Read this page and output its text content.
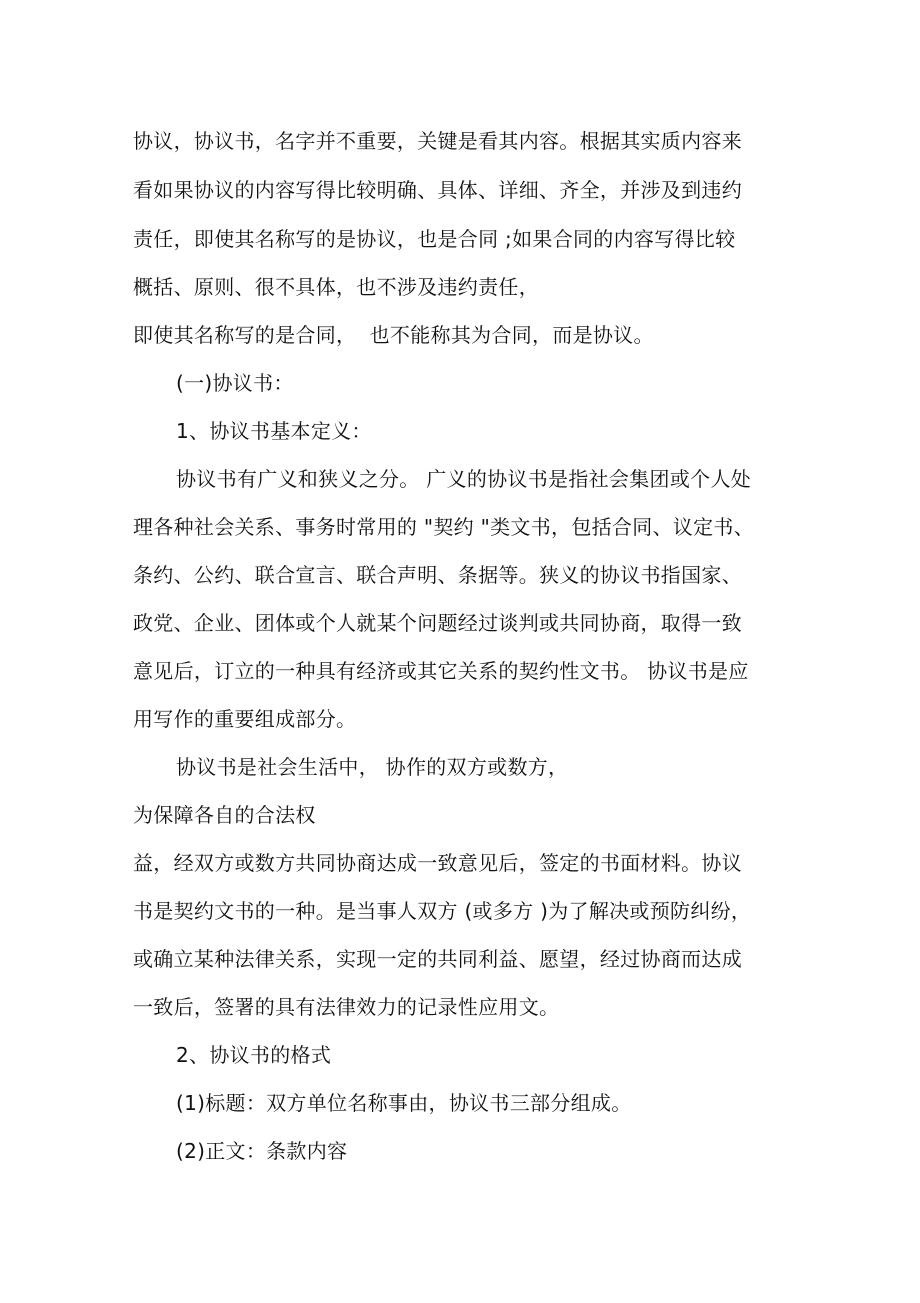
协议，协议书，名字并不重要，关键是看其内容。根据其实质内容来
看如果协议的内容写得比较明确、具体、详细、齐全，并涉及到违约
责任，即使其名称写的是协议，也是合同 ;如果合同的内容写得比较
概括、原则、很不具体，也不涉及违约责任，
即使其名称写的是合同，  也不能称其为合同，而是协议。
(一)协议书：
1、协议书基本定义：
协议书有广义和狭义之分。 广义的协议书是指社会集团或个人处
理各种社会关系、事务时常用的 "契约 "类文书，包括合同、议定书、
条约、公约、联合宣言、联合声明、条据等。狭义的协议书指国家、
政党、企业、团体或个人就某个问题经过谈判或共同协商，取得一致
意见后，订立的一种具有经济或其它关系的契约性文书。 协议书是应
用写作的重要组成部分。
协议书是社会生活中， 协作的双方或数方，
为保障各自的合法权
益，经双方或数方共同协商达成一致意见后，签定的书面材料。协议
书是契约文书的一种。是当事人双方 (或多方 )为了解决或预防纠纷，
或确立某种法律关系，实现一定的共同利益、愿望，经过协商而达成
一致后，签署的具有法律效力的记录性应用文。
2、协议书的格式
(1)标题：双方单位名称事由，协议书三部分组成。
(2)正文：条款内容
